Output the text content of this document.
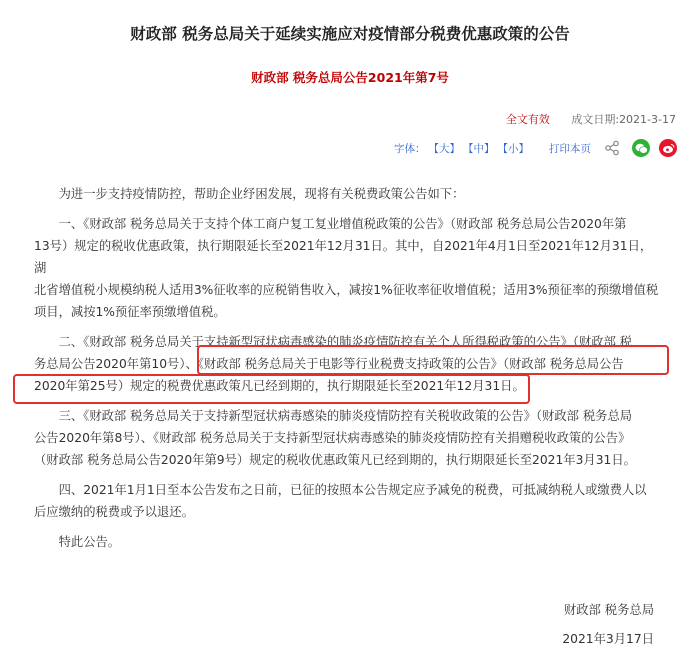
财政部 税务总局关于延续实施应对疫情部分税费优惠政策的公告
财政部 税务总局公告2021年第7号
全文有效 成文日期:2021-3-17
字体： 【大】 【中】 【小】 打印本页

为进一步支持疫情防控，帮助企业纾困发展，现将有关税费政策公告如下：

一、《财政部 税务总局关于支持个体工商户复工复业增值税政策的公告》（财政部 税务总局公告2020年第
13号）规定的税收优惠政策，执行期限延长至2021年12月31日。其中，自2021年4月1日至2021年12月31日，湖
北省增值税小规模纳税人适用3%征收率的应税销售收入，减按1%征收率征收增值税；适用3%预征率的预缴增值税
项目，减按1%预征率预缴增值税。

二、《财政部 税务总局关于支持新型冠状病毒感染的肺炎疫情防控有关个人所得税政策的公告》（财政部 税
务总局公告2020年第10号）、《财政部 税务总局关于电影等行业税费支持政策的公告》（财政部 税务总局公告
2020年第25号）规定的税费优惠政策凡已经到期的，执行期限延长至2021年12月31日。

三、《财政部 税务总局关于支持新型冠状病毒感染的肺炎疫情防控有关税收政策的公告》（财政部 税务总局
公告2020年第8号）、《财政部 税务总局关于支持新型冠状病毒感染的肺炎疫情防控有关捐赠税收政策的公告》
（财政部 税务总局公告2020年第9号）规定的税收优惠政策凡已经到期的，执行期限延长至2021年3月31日。

四、2021年1月1日至本公告发布之日前，已征的按照本公告规定应予减免的税费，可抵减纳税人或缴费人以
后应缴纳的税费或予以退还。

特此公告。

财政部 税务总局
2021年3月17日
